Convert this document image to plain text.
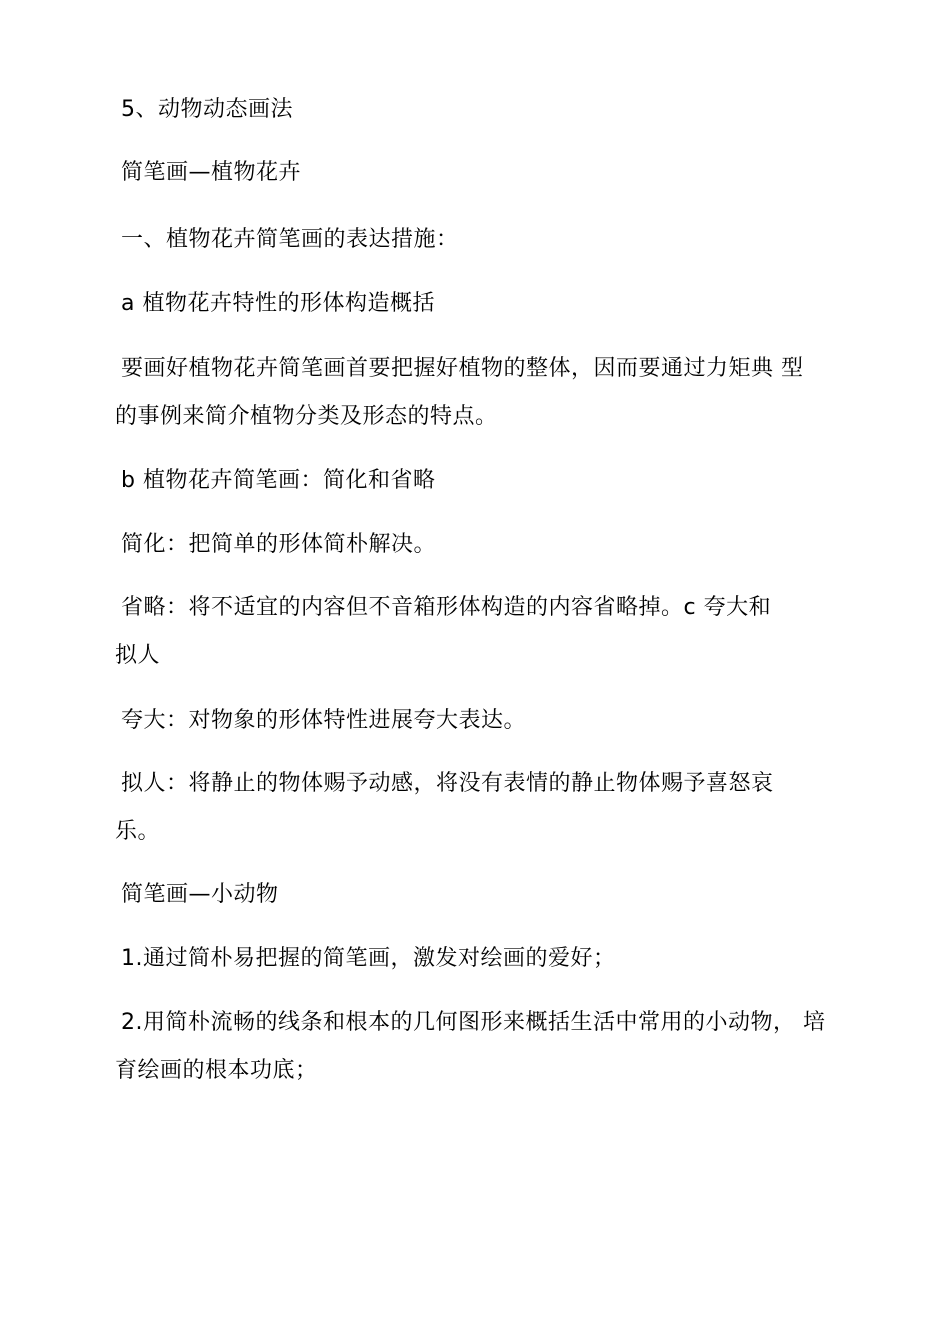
5、动物动态画法
简笔画—植物花卉
一、植物花卉简笔画的表达措施：
a 植物花卉特性的形体构造概括
要画好植物花卉简笔画首要把握好植物的整体，因而要通过力矩典 型
的事例来简介植物分类及形态的特点。
b 植物花卉简笔画：简化和省略
简化：把简单的形体简朴解决。
省略：将不适宜的内容但不音箱形体构造的内容省略掉。c 夸大和
拟人
夸大：对物象的形体特性进展夸大表达。
拟人：将静止的物体赐予动感，将没有表情的静止物体赐予喜怒哀
乐。
简笔画—小动物
1.通过简朴易把握的简笔画，激发对绘画的爱好；
2.用简朴流畅的线条和根本的几何图形来概括生活中常用的小动物， 培
育绘画的根本功底；
